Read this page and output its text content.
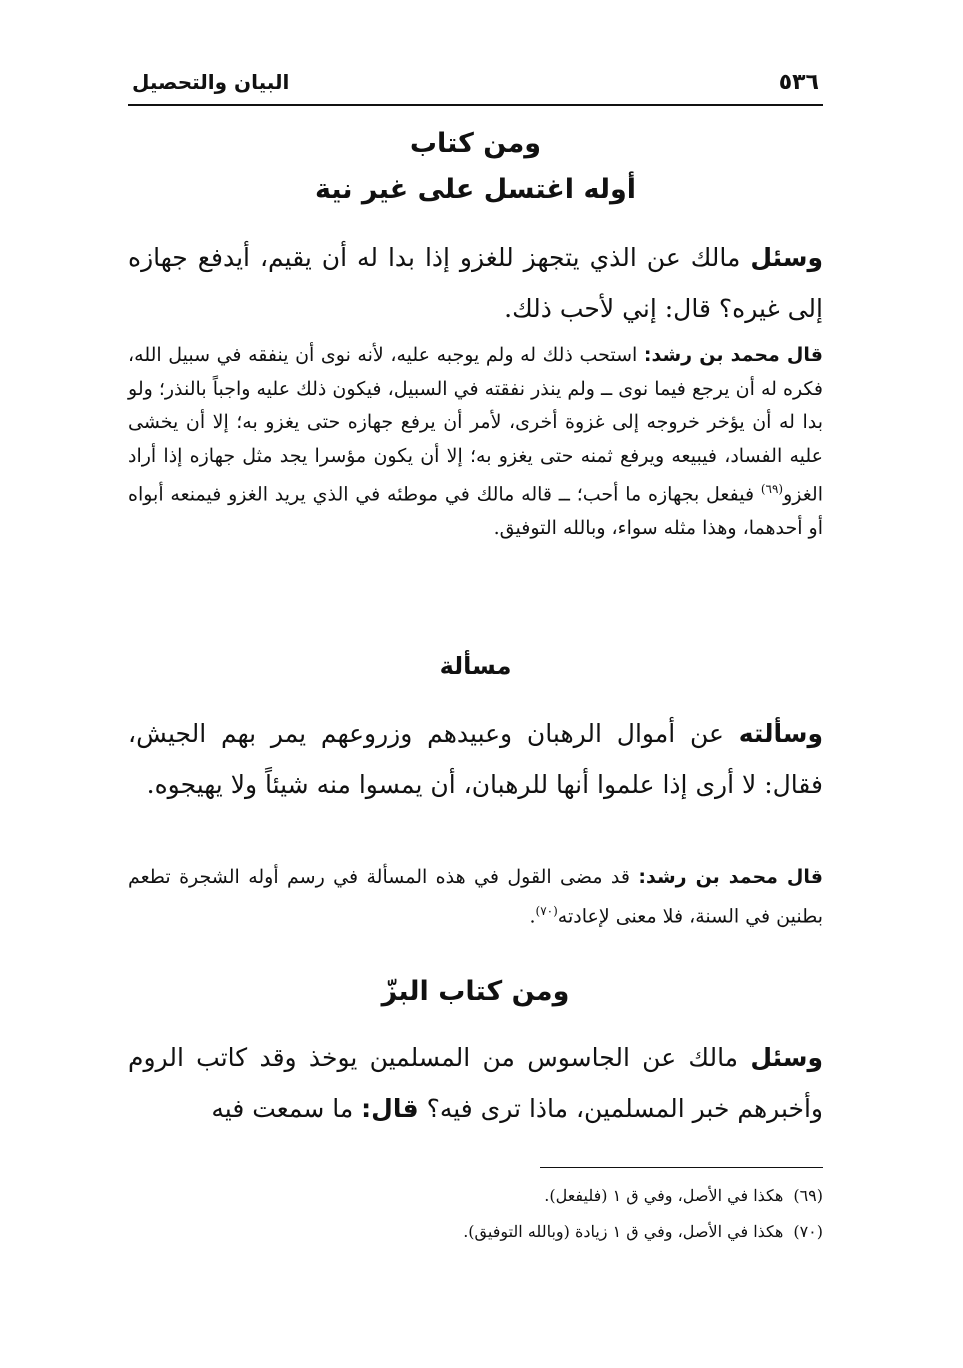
٥٣٦
البيان والتحصيل
ومن كتاب
أوله اغتسل على غير نية
وسئل مالك عن الذي يتجهز للغزو إذا بدا له أن يقيم، أيدفع جهازه إلى غيره؟ قال: إني لأحب ذلك.
قال محمد بن رشد: استحب ذلك له ولم يوجبه عليه، لأنه نوى أن ينفقه في سبيل الله، فكره له أن يرجع فيما نوى ــ ولم ينذر نفقته في السبيل، فيكون ذلك عليه واجباً بالنذر؛ ولو بدا له أن يؤخر خروجه إلى غزوة أخرى، لأمر أن يرفع جهازه حتى يغزو به؛ إلا أن يخشى عليه الفساد، فيبيعه ويرفع ثمنه حتى يغزو به؛ إلا أن يكون مؤسرا يجد مثل جهازه إذا أراد الغزو$^{(٦٩)}$ فيفعل بجهازه ما أحب؛ ــ قاله مالك في موطئه في الذي يريد الغزو فيمنعه أبواه أو أحدهما، وهذا مثله سواء، وبالله التوفيق.
مسألة
وسألته عن أموال الرهبان وعبيدهم وزروعهم يمر بهم الجيش، فقال: لا أرى إذا علموا أنها للرهبان، أن يمسوا منه شيئاً ولا يهيجوه.
قال محمد بن رشد: قد مضى القول في هذه المسألة في رسم أوله الشجرة تطعم بطنين في السنة، فلا معنى لإعادته$^{(٧٠)}$.
ومن كتاب البزّ
وسئل مالك عن الجاسوس من المسلمين يوخذ وقد كاتب الروم وأخبرهم خبر المسلمين، ماذا ترى فيه؟ قال: ما سمعت فيه
(٦٩)هكذا في الأصل، وفي ق ١ (فليفعل).
(٧٠)هكذا في الأصل، وفي ق ١ زيادة (وبالله التوفيق).
